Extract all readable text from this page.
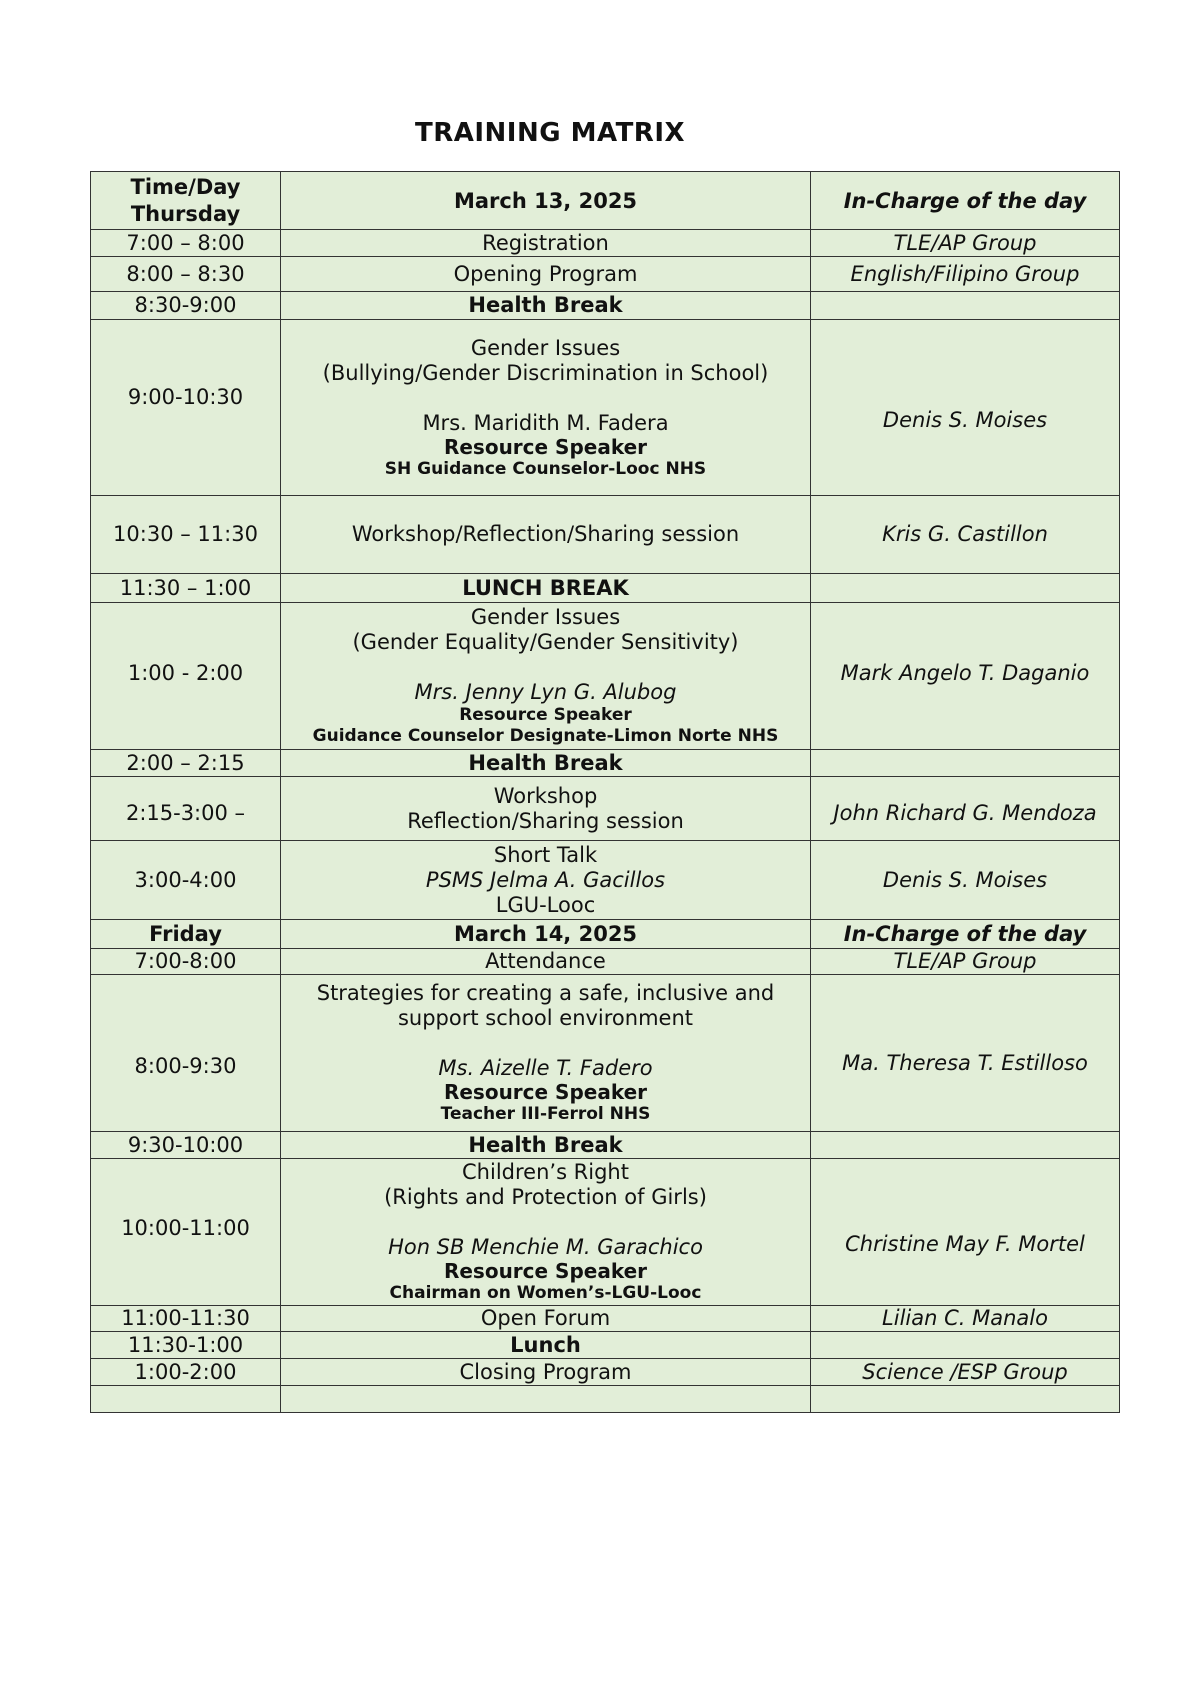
TRAINING MATRIX
Time/Day
Thursday	March 13, 2025	In-Charge of the day
7:00 – 8:00	Registration	TLE/AP Group
8:00 – 8:30	Opening Program	English/Filipino Group
8:30-9:00	Health Break	
9:00-10:30	Gender Issues
(Bullying/Gender Discrimination in School)
Mrs. Maridith M. Fadera
Resource Speaker
SH Guidance Counselor-Looc NHS	Denis S. Moises
10:30 – 11:30	Workshop/Reflection/Sharing session	Kris G. Castillon
11:30 – 1:00	LUNCH BREAK	
1:00 - 2:00	Gender Issues
(Gender Equality/Gender Sensitivity)
Mrs. Jenny Lyn G. Alubog
Resource Speaker
Guidance Counselor Designate-Limon Norte NHS	Mark Angelo T. Daganio
2:00 – 2:15	Health Break	
2:15-3:00 –	Workshop
Reflection/Sharing session	John Richard G. Mendoza
3:00-4:00	Short Talk
PSMS Jelma A. Gacillos
LGU-Looc	Denis S. Moises
Friday	March 14, 2025	In-Charge of the day
7:00-8:00	Attendance	TLE/AP Group
8:00-9:30	Strategies for creating a safe, inclusive and
support school environment
Ms. Aizelle T. Fadero
Resource Speaker
Teacher III-Ferrol NHS	Ma. Theresa T. Estilloso
9:30-10:00	Health Break	
10:00-11:00	Children’s Right
(Rights and Protection of Girls)
Hon SB Menchie M. Garachico
Resource Speaker
Chairman on Women’s-LGU-Looc	Christine May F. Mortel
11:00-11:30	Open Forum	Lilian C. Manalo
11:30-1:00	Lunch	
1:00-2:00	Closing Program	Science /ESP Group
